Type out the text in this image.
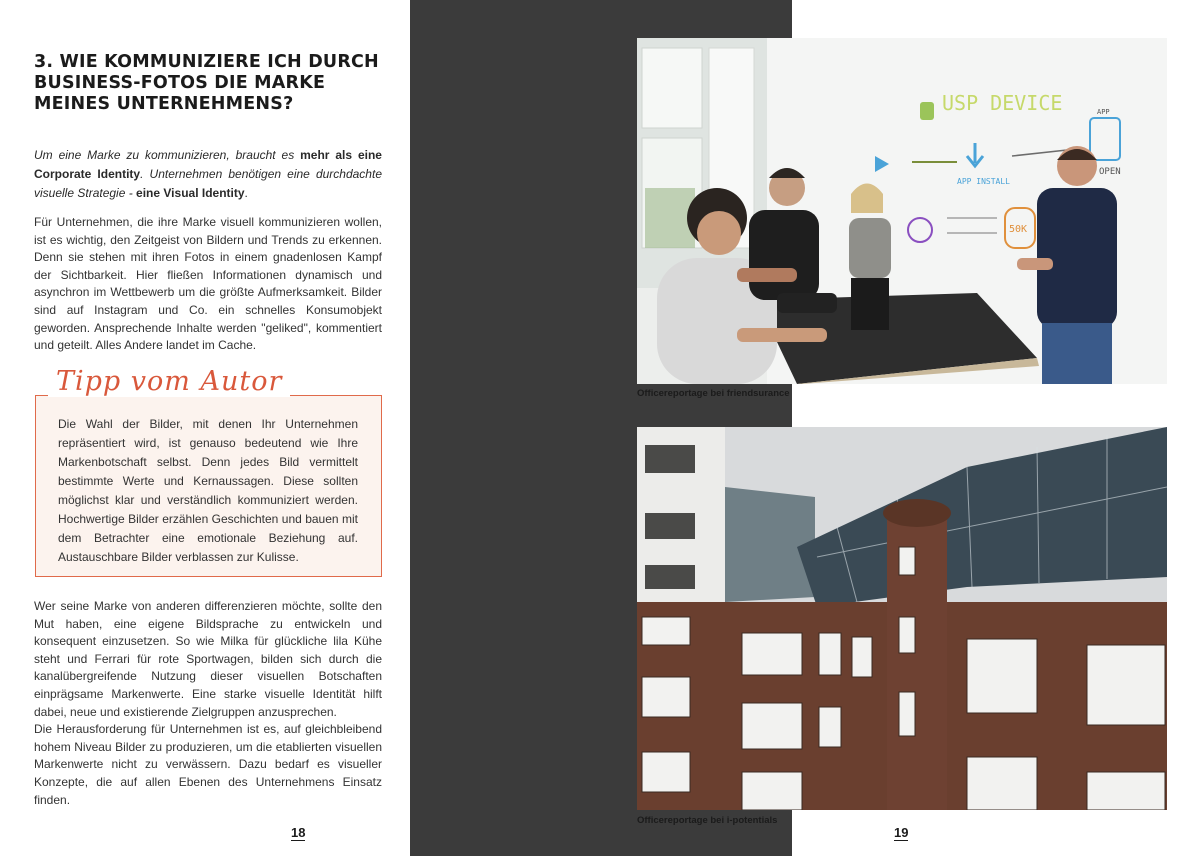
3. WIE KOMMUNIZIERE ICH DURCH BUSINESS-FOTOS DIE MARKE MEINES UNTERNEHMENS?

Um eine Marke zu kommunizieren, braucht es mehr als eine Corporate Identity. Unternehmen benötigen eine durchdachte visuelle Strategie - eine Visual Identity.

Für Unternehmen, die ihre Marke visuell kommunizieren wollen, ist es wichtig, den Zeitgeist von Bildern und Trends zu erkennen. Denn sie stehen mit ihren Fotos in einem gnadenlosen Kampf der Sichtbarkeit. Hier fließen Informationen dynamisch und asynchron im Wettbewerb um die größte Aufmerksamkeit. Bilder sind auf Instagram und Co. ein schnelles Konsumobjekt geworden. Ansprechende Inhalte werden "geliked", kommentiert und geteilt. Alles Andere landet im Cache.

Tipp vom Autor

Die Wahl der Bilder, mit denen Ihr Unternehmen repräsentiert wird, ist genauso bedeutend wie Ihre Markenbotschaft selbst. Denn jedes Bild vermittelt bestimmte Werte und Kernaussagen. Diese sollten möglichst klar und verständlich kommuniziert werden. Hochwertige Bilder erzählen Geschichten und bauen mit dem Betrachter eine emotionale Beziehung auf. Austauschbare Bilder verblassen zur Kulisse.

Wer seine Marke von anderen differenzieren möchte, sollte den Mut haben, eine eigene Bildsprache zu entwickeln und konsequent einzusetzen. So wie Milka für glückliche lila Kühe steht und Ferrari für rote Sportwagen, bilden sich durch die kanalübergreifende Nutzung dieser visuellen Botschaften einprägsame Markenwerte. Eine starke visuelle Identität hilft dabei, neue und existierende Zielgruppen anzusprechen.

Die Herausforderung für Unternehmen ist es, auf gleichbleibend hohem Niveau Bilder zu produzieren, um die etablierten visuellen Markenwerte nicht zu verwässern. Dazu bedarf es visueller Konzepte, die auf allen Ebenen des Unternehmens Einsatz finden.

18
USP DEVICE
APP INSTALL
APP
OPEN
50K
Officereportage bei friendsurance
Officereportage bei i-potentials
19
